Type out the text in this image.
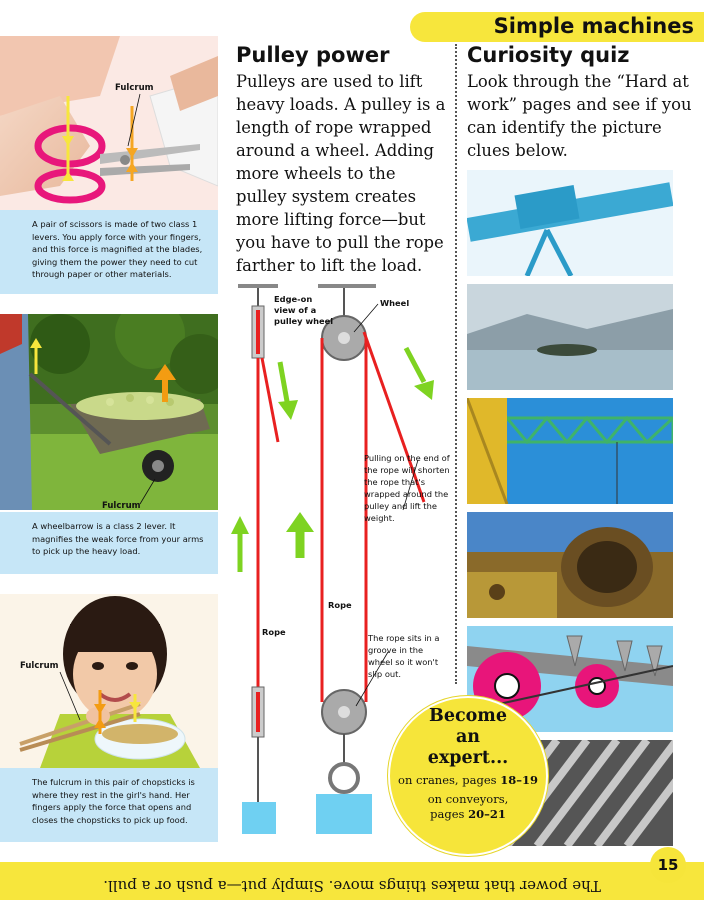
Simple machines
Fulcrum
A pair of scissors is made of two class 1 levers. You apply force with your fingers, and this force is magnified at the blades, giving them the power they need to cut through paper or other materials.
Fulcrum
A wheelbarrow is a class 2 lever. It magnifies the weak force from your arms to pick up the heavy load.
Fulcrum
The fulcrum in this pair of chopsticks is where they rest in the girl's hand. Her fingers apply the force that opens and closes the chopsticks to pick up food.
Pulley power
Pulleys are used to lift heavy loads. A pulley is a length of rope wrapped around a wheel. Adding more wheels to the pulley system creates more lifting force—but you have to pull the rope farther to lift the load.
Edge-on view of a pulley wheel
Wheel
Rope
Rope
Pulling on the end of the rope will shorten the rope that's wrapped around the pulley and lift the weight.
The rope sits in a groove in the wheel so it won't slip out.
Curiosity quiz
Look through the “Hard at work” pages and see if you can identify the picture clues below.
Become an expert...
on cranes, pages 18–19
on conveyors, pages 20–21
The power that makes things move. Simply put—a push or a pull.
15
